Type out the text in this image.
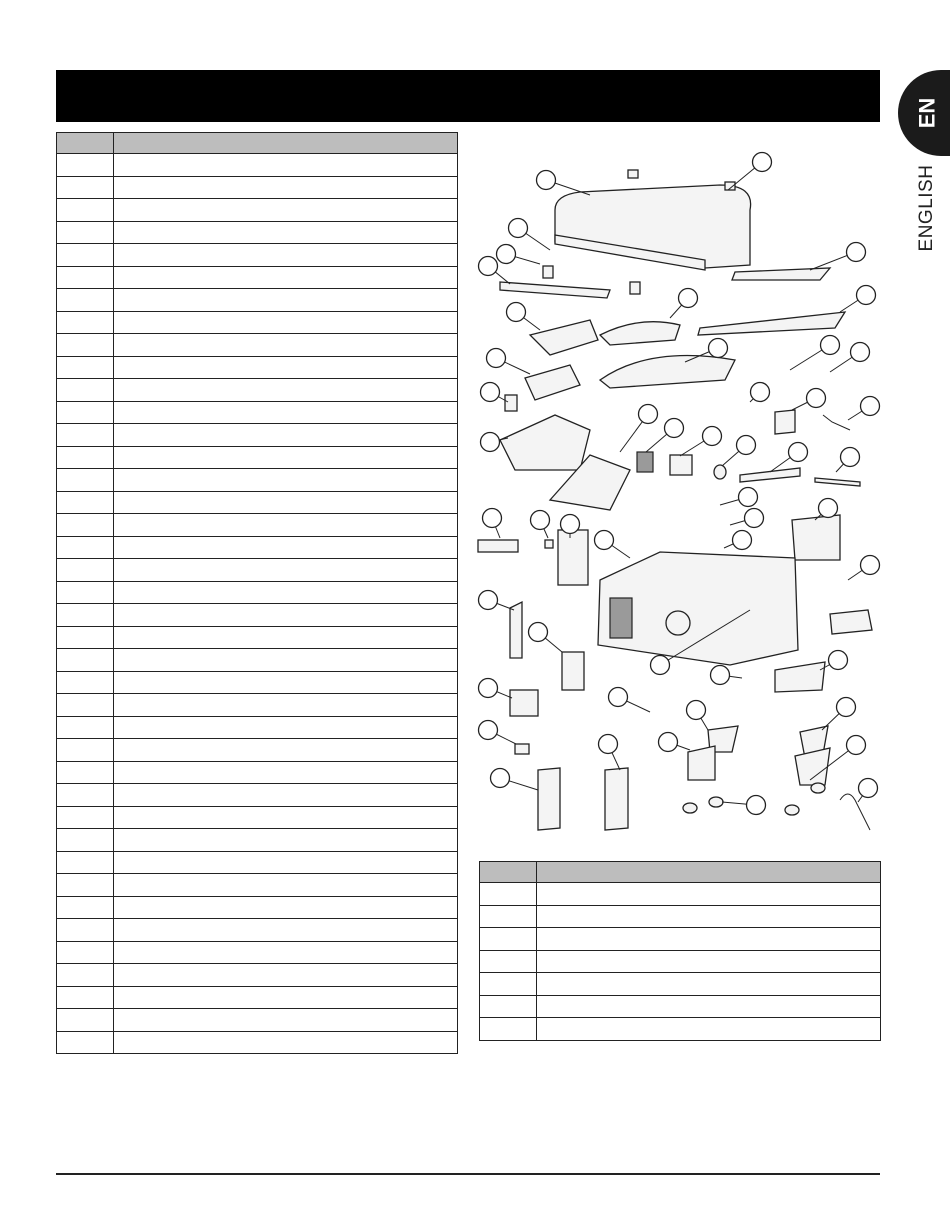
EN
ENGLISH
